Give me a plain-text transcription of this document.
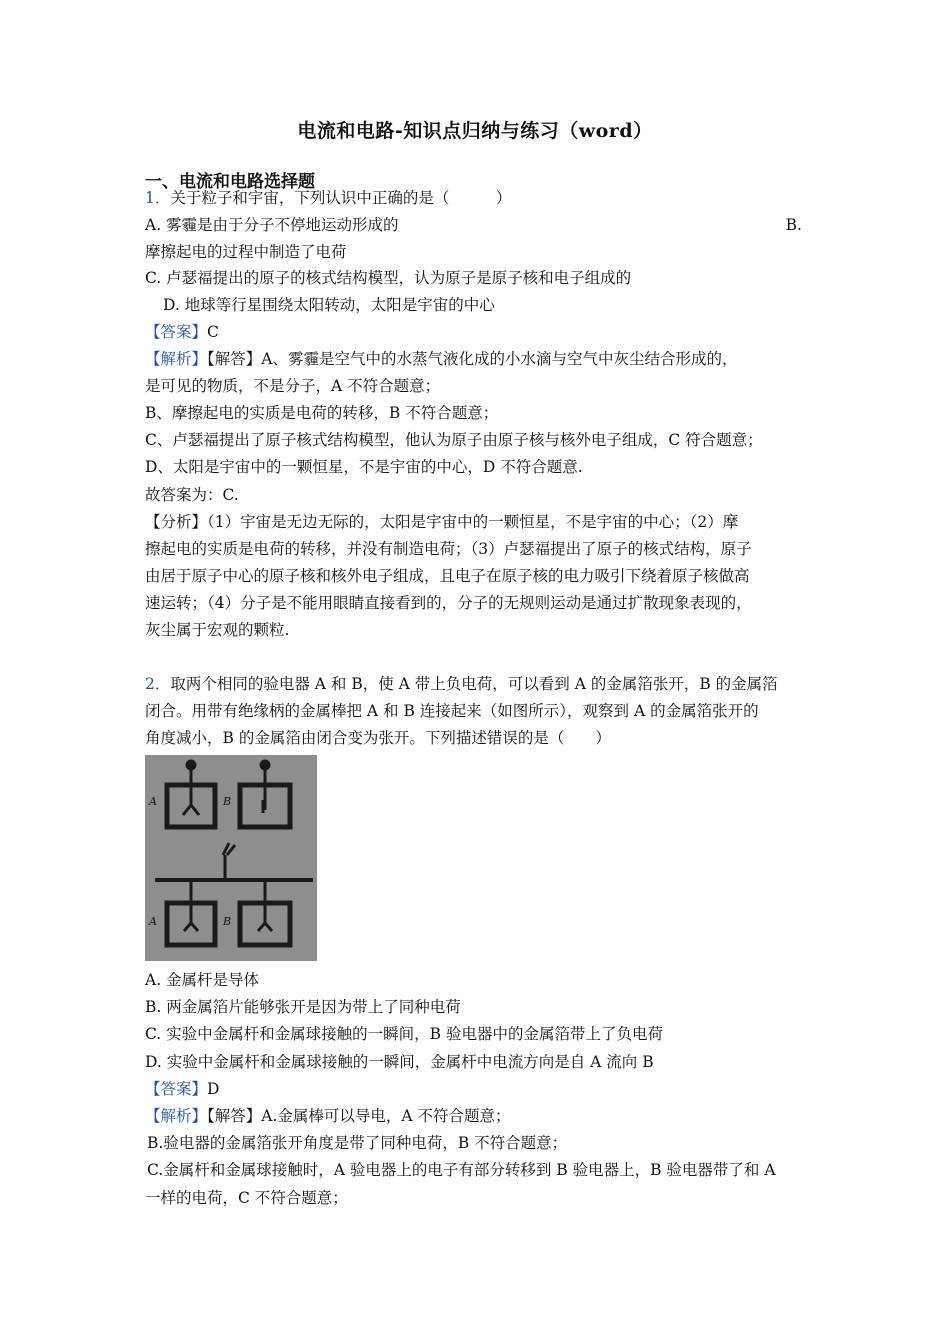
电流和电路-知识点归纳与练习（word）
一、电流和电路选择题
1．关于粒子和宇宙，下列认识中正确的是（　　　）
A. 雾霾是由于分子不停地运动形成的	B.
摩擦起电的过程中制造了电荷
C. 卢瑟福提出的原子的核式结构模型，认为原子是原子核和电子组成的
D. 地球等行星围绕太阳转动，太阳是宇宙的中心
【答案】C
【解析】【解答】A、雾霾是空气中的水蒸气液化成的小水滴与空气中灰尘结合形成的，
是可见的物质，不是分子，A 不符合题意；
B、摩擦起电的实质是电荷的转移，B 不符合题意；
C、卢瑟福提出了原子核式结构模型，他认为原子由原子核与核外电子组成，C 符合题意；
D、太阳是宇宙中的一颗恒星，不是宇宙的中心，D 不符合题意.
故答案为：C.
【分析】（1）宇宙是无边无际的，太阳是宇宙中的一颗恒星，不是宇宙的中心；（2）摩
擦起电的实质是电荷的转移，并没有制造电荷；（3）卢瑟福提出了原子的核式结构，原子
由居于原子中心的原子核和核外电子组成，且电子在原子核的电力吸引下绕着原子核做高
速运转；（4）分子是不能用眼睛直接看到的，分子的无规则运动是通过扩散现象表现的，
灰尘属于宏观的颗粒.
2．取两个相同的验电器 A 和 B，使 A 带上负电荷，可以看到 A 的金属箔张开，B 的金属箔
闭合。用带有绝缘柄的金属棒把 A 和 B 连接起来（如图所示），观察到 A 的金属箔张开的
角度减小，B 的金属箔由闭合变为张开。下列描述错误的是（　　）
A	B
A	B
A. 金属杆是导体
B. 两金属箔片能够张开是因为带上了同种电荷
C. 实验中金属杆和金属球接触的一瞬间，B 验电器中的金属箔带上了负电荷
D. 实验中金属杆和金属球接触的一瞬间，金属杆中电流方向是自 A 流向 B
【答案】D
【解析】【解答】A.金属棒可以导电，A 不符合题意；
B.验电器的金属箔张开角度是带了同种电荷，B 不符合题意；
C.金属杆和金属球接触时，A 验电器上的电子有部分转移到 B 验电器上，B 验电器带了和 A
一样的电荷，C 不符合题意；
